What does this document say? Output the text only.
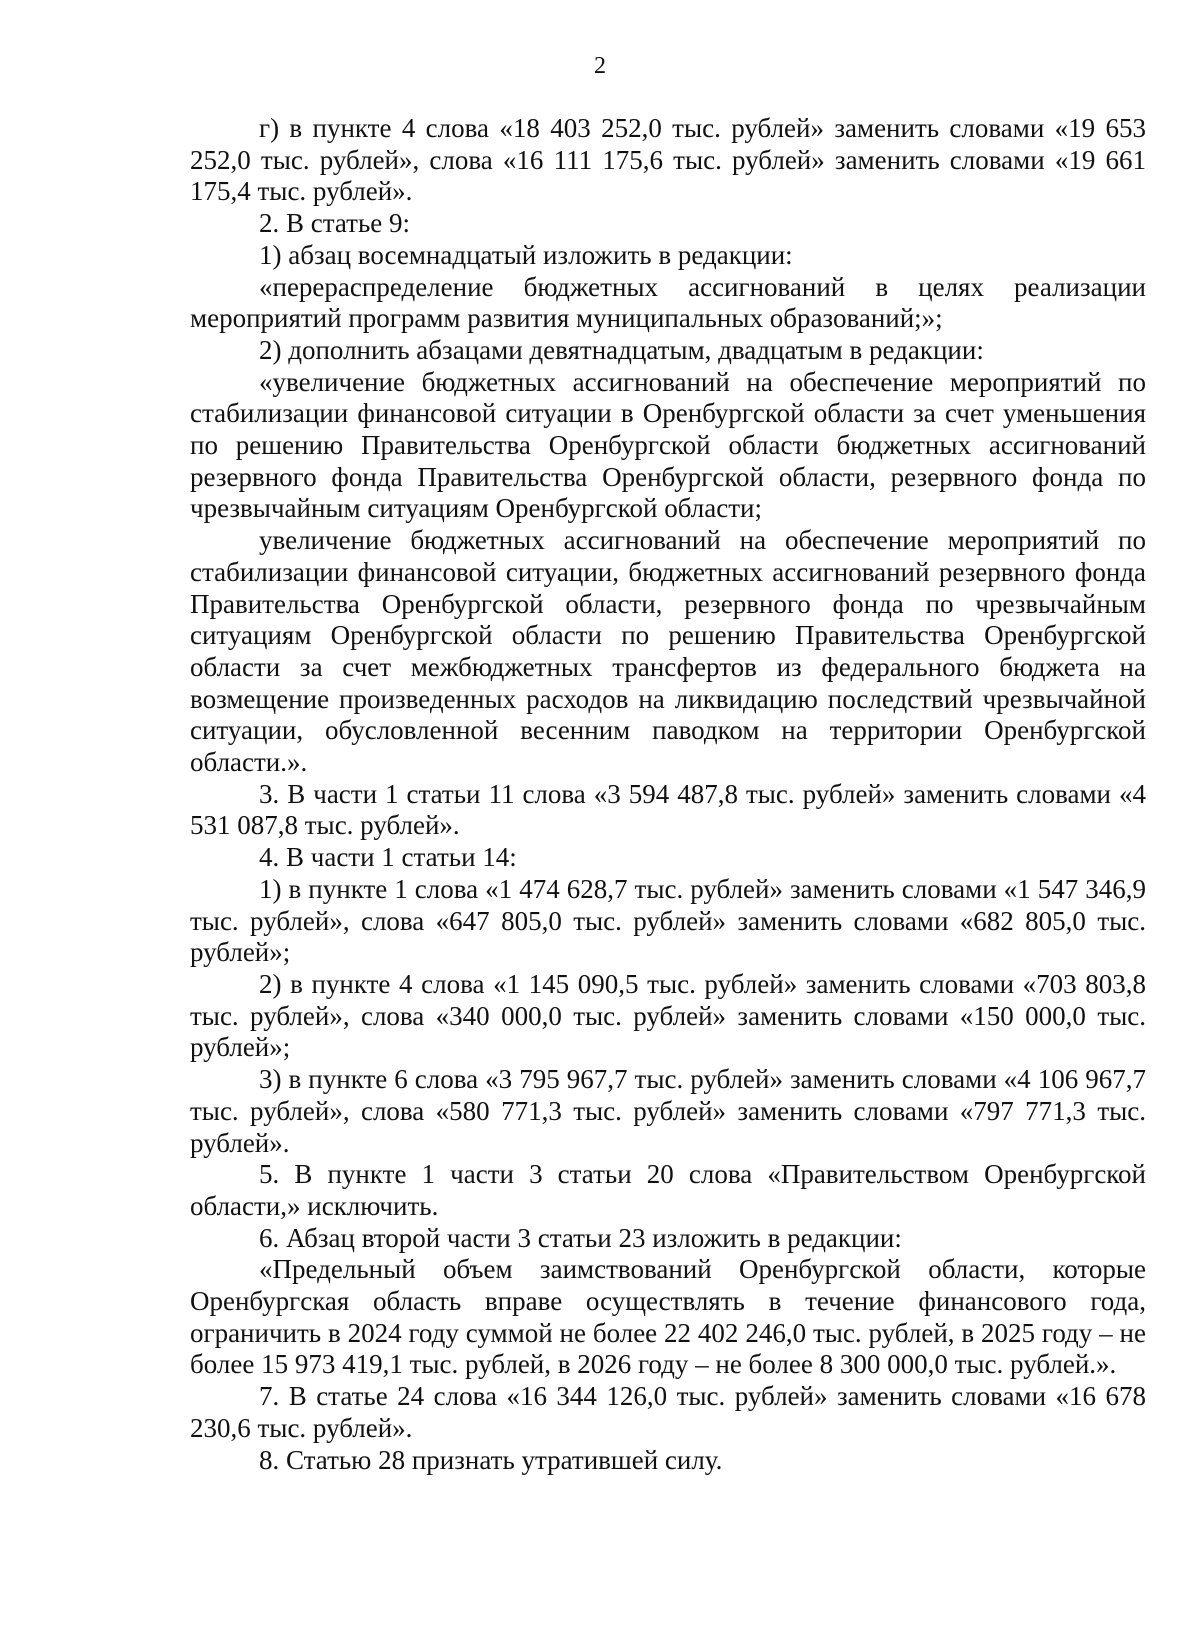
2

г) в пункте 4 слова «18 403 252,0 тыс. рублей» заменить словами «19 653 252,0 тыс. рублей», слова «16 111 175,6 тыс. рублей» заменить словами «19 661 175,4 тыс. рублей».

2. В статье 9:

1) абзац восемнадцатый изложить в редакции:

«перераспределение бюджетных ассигнований в целях реализации мероприятий программ развития муниципальных образований;»;

2) дополнить абзацами девятнадцатым, двадцатым в редакции:

«увеличение бюджетных ассигнований на обеспечение мероприятий по стабилизации финансовой ситуации в Оренбургской области за счет уменьшения по решению Правительства Оренбургской области бюджетных ассигнований резервного фонда Правительства Оренбургской области, резервного фонда по чрезвычайным ситуациям Оренбургской области;

увеличение бюджетных ассигнований на обеспечение мероприятий по стабилизации финансовой ситуации, бюджетных ассигнований резервного фонда Правительства Оренбургской области, резервного фонда по чрезвычайным ситуациям Оренбургской области по решению Правительства Оренбургской области за счет межбюджетных трансфертов из федерального бюджета на возмещение произведенных расходов на ликвидацию последствий чрезвычайной ситуации, обусловленной весенним паводком на территории Оренбургской области.».

3. В части 1 статьи 11 слова «3 594 487,8 тыс. рублей» заменить словами «4 531 087,8 тыс. рублей».

4. В части 1 статьи 14:

1) в пункте 1 слова «1 474 628,7 тыс. рублей» заменить словами «1 547 346,9 тыс. рублей», слова «647 805,0 тыс. рублей» заменить словами «682 805,0 тыс. рублей»;

2) в пункте 4 слова «1 145 090,5 тыс. рублей» заменить словами «703 803,8 тыс. рублей», слова «340 000,0 тыс. рублей» заменить словами «150 000,0 тыс. рублей»;

3) в пункте 6 слова «3 795 967,7 тыс. рублей» заменить словами «4 106 967,7 тыс. рублей», слова «580 771,3 тыс. рублей» заменить словами «797 771,3 тыс. рублей».

5. В пункте 1 части 3 статьи 20 слова «Правительством Оренбургской области,» исключить.

6. Абзац второй части 3 статьи 23 изложить в редакции:

«Предельный объем заимствований Оренбургской области, которые Оренбургская область вправе осуществлять в течение финансового года, ограничить в 2024 году суммой не более 22 402 246,0 тыс. рублей, в 2025 году – не более 15 973 419,1 тыс. рублей, в 2026 году – не более 8 300 000,0 тыс. рублей.».

7. В статье 24 слова «16 344 126,0 тыс. рублей» заменить словами «16 678 230,6 тыс. рублей».

8. Статью 28 признать утратившей силу.
